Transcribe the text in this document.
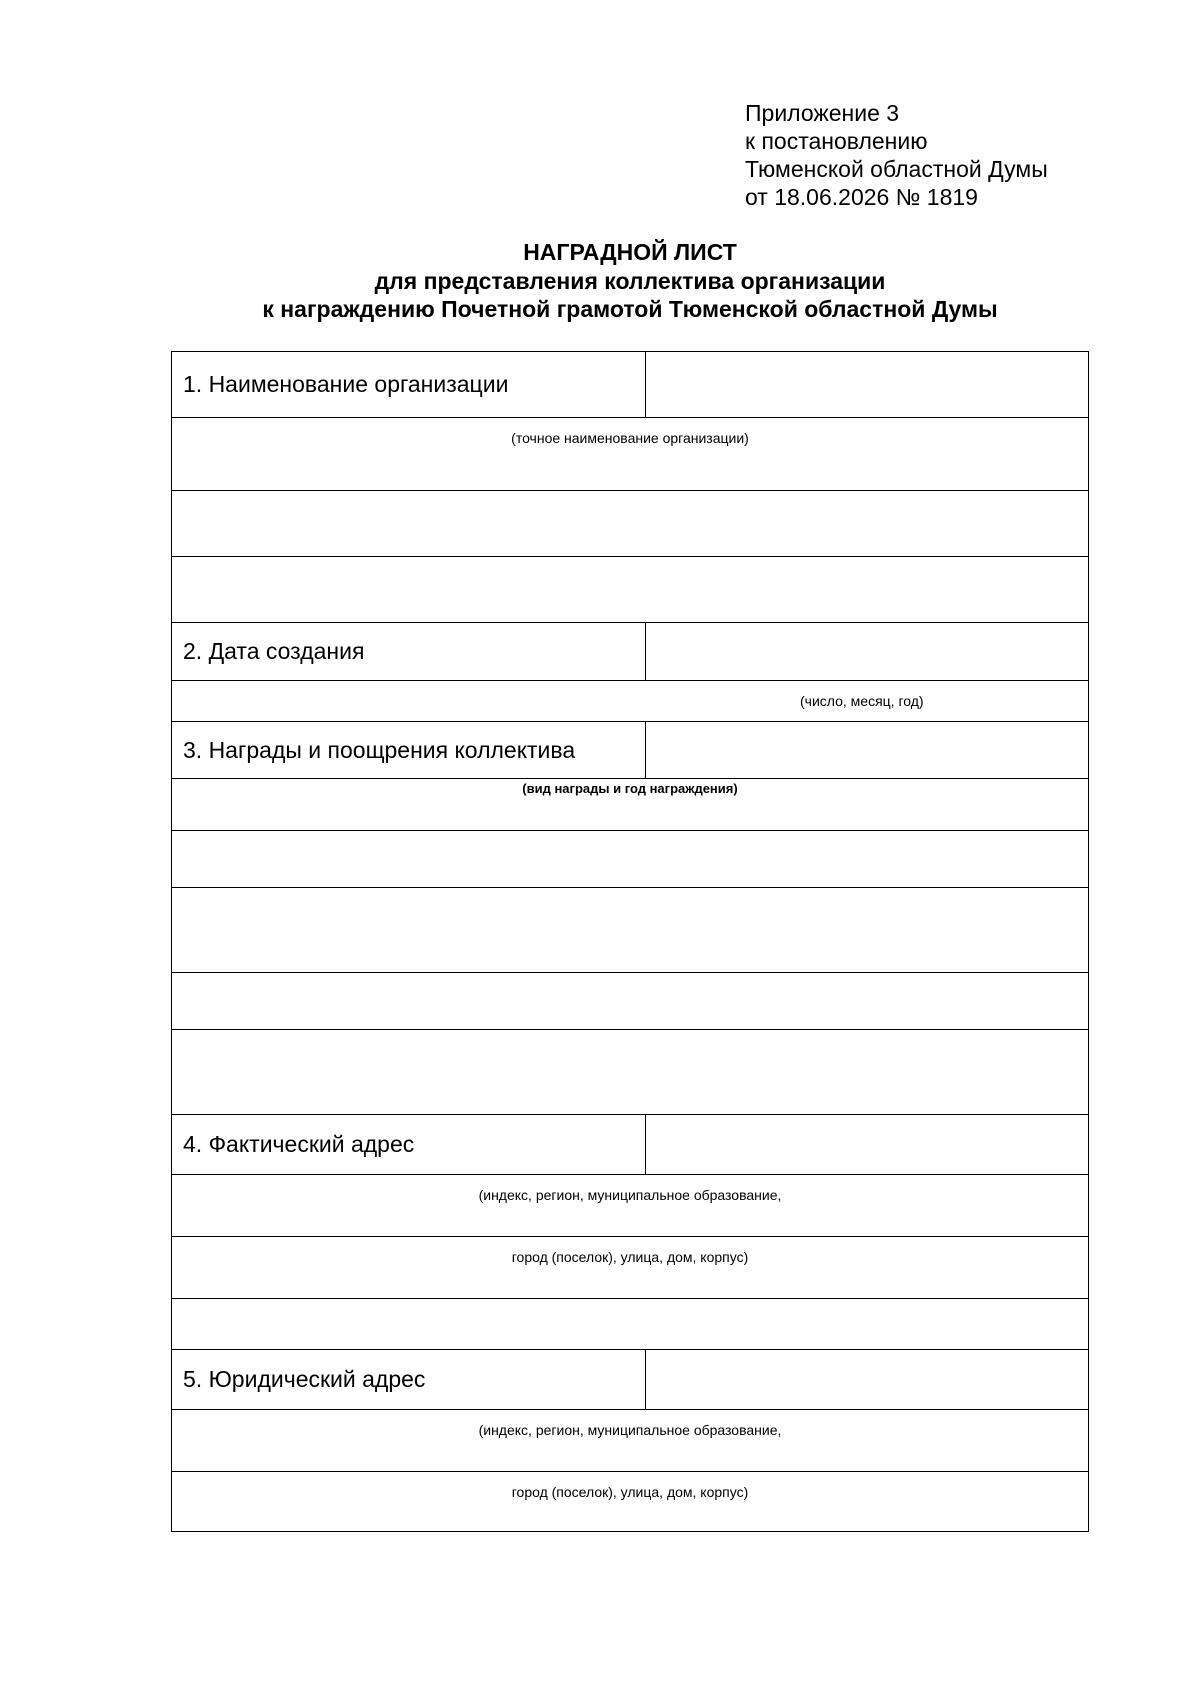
Приложение 3
к постановлению
Тюменской областной Думы
от 18.06.2026 № 1819
НАГРАДНОЙ ЛИСТ
для представления коллектива организации
к награждению Почетной грамотой Тюменской областной Думы
1. Наименование организации
(точное наименование организации)
2. Дата создания
(число, месяц, год)
3. Награды и поощрения коллектива
(вид награды и год награждения)
4. Фактический адрес
(индекс, регион, муниципальное образование,
город (поселок), улица, дом, корпус)
5. Юридический адрес
(индекс, регион, муниципальное образование,
город (поселок), улица, дом, корпус)
